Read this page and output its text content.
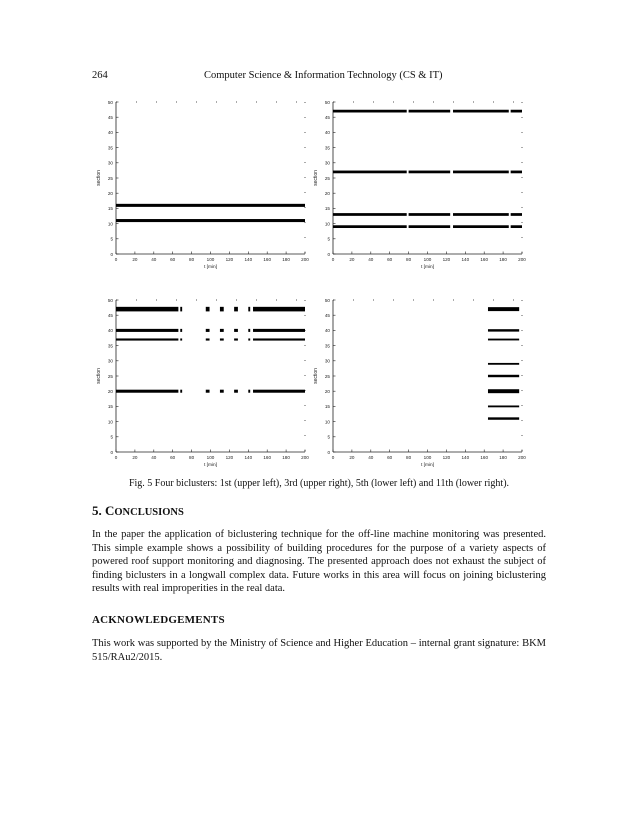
264	Computer Science & Information Technology (CS & IT)
0
5
10
15
20
25
30
35
40
45
50
0	20	40	60	80	100 120 140 160 180 200
t [min]
section
0
5
10
15
20
25
30
35
40
45
50
0	20	40	60	80	100 120 140 160 180 200
t [min]
section
0
5
10
15
20
25
30
35
40
45
50
0	20	40	60	80	100 120 140 160 180 200
t [min]
section
0
5
10
15
20
25
30
35
40
45
50
0	20	40	60	80	100 120 140 160 180 200
t [min]
section
Fig. 5 Four biclusters: 1st (upper left), 3rd (upper right), 5th (lower left) and 11th (lower right).
5. CONCLUSIONS

In the paper the application of biclustering technique for the off-line machine monitoring was presented. This simple example shows a possibility of building procedures for the purpose of a variety aspects of powered roof support monitoring and diagnosing. The presented approach does not exhaust the subject of finding biclusters in a longwall complex data. Future works in this area will focus on joining biclustering results with real improperities in the real data.

ACKNOWLEDGEMENTS

This work was supported by the Ministry of Science and Higher Education – internal grant signature: BKM 515/RAu2/2015.
